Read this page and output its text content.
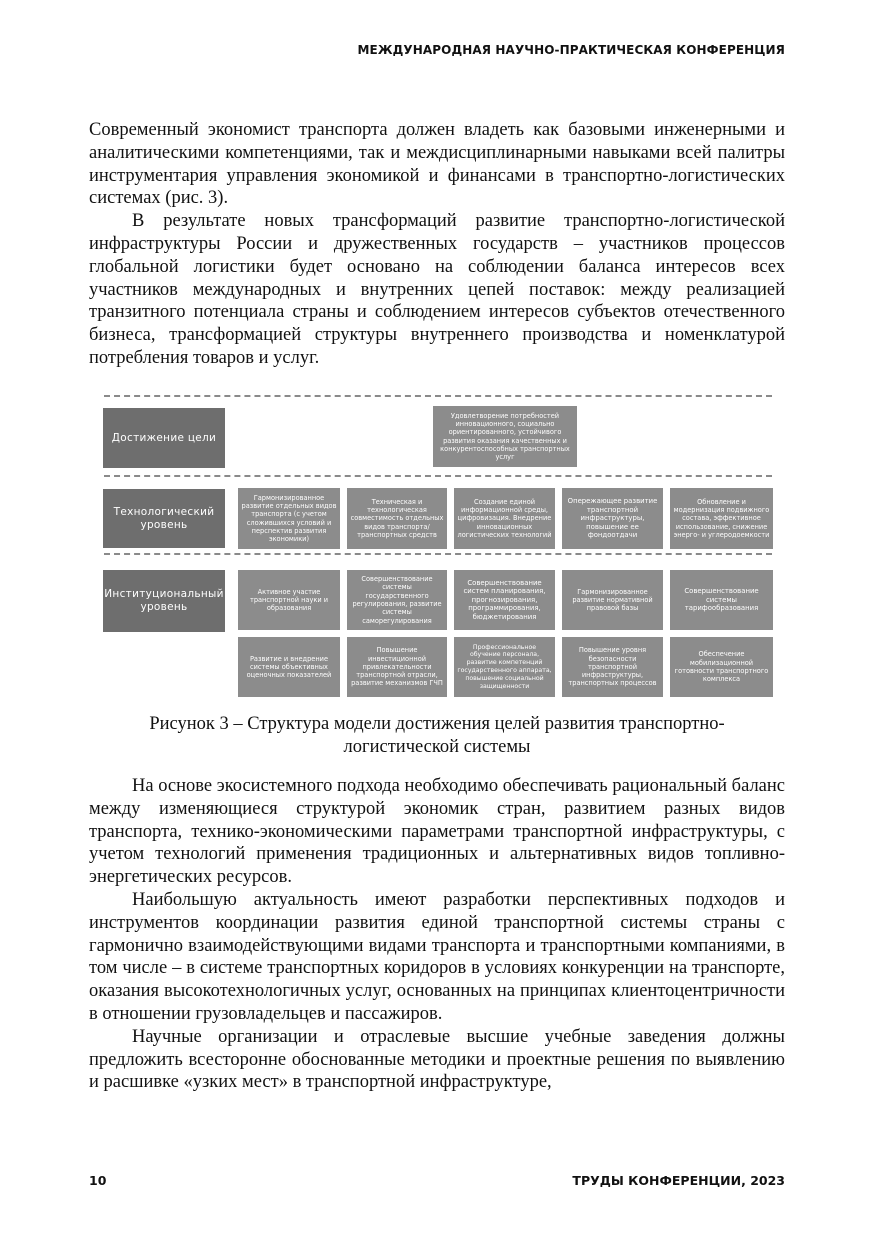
МЕЖДУНАРОДНАЯ НАУЧНО-ПРАКТИЧЕСКАЯ КОНФЕРЕНЦИЯ

Современный экономист транспорта должен владеть как базовыми инженерными и аналитическими компетенциями, так и междисциплинарными навыками всей палитры инструментария управления экономикой и финансами в транспортно-логистических системах (рис. 3).

В результате новых трансформаций развитие транспортно-логистической инфраструктуры России и дружественных государств – участников процессов глобальной логистики будет основано на соблюдении баланса интересов всех участников международных и внутренних цепей поставок: между реализацией транзитного потенциала страны и соблюдением интересов субъектов отечественного бизнеса, трансформацией структуры внутреннего производства и номенклатурой потребления товаров и услуг.

Достижение цели
Удовлетворение потребностей инновационного, социально ориентированного, устойчивого развития оказания качественных и конкурентоспособных транспортных услуг
Технологический уровень
Гармонизированное развитие отдельных видов транспорта (с учетом сложившихся условий и перспектив развития экономики)
Техническая и технологическая совместимость отдельных видов транспорта/ транспортных средств
Создание единой информационной среды, цифровизация. Внедрение инновационных логистических технологий
Опережающее развитие транспортной инфраструктуры, повышение ее фондоотдачи
Обновление и модернизация подвижного состава, эффективное использование, снижение энерго- и углеродоемкости
Институциональный уровень
Активное участие транспортной науки и образования
Совершенствование системы государственного регулирования, развитие системы саморегулирования
Совершенствование систем планирования, прогнозирования, программирования, бюджетирования
Гармонизированное развитие нормативной правовой базы
Совершенствование системы тарифообразования
Развитие и внедрение системы объективных оценочных показателей
Повышение инвестиционной привлекательности транспортной отрасли, развитие механизмов ГЧП
Профессиональное обучение персонала, развитие компетенций государственного аппарата, повышение социальной защищенности
Повышение уровня безопасности транспортной инфраструктуры, транспортных процессов
Обеспечение мобилизационной готовности транспортного комплекса
Рисунок 3 – Структура модели достижения целей развития транспортно-
логистической системы

На основе экосистемного подхода необходимо обеспечивать рациональный баланс между изменяющиеся структурой экономик стран, развитием разных видов транспорта, технико-экономическими параметрами транспортной инфраструктуры, с учетом технологий применения традиционных и альтернативных видов топливно- энергетических ресурсов.

Наибольшую актуальность имеют разработки перспективных подходов и инструментов координации развития единой транспортной системы страны с гармонично взаимодействующими видами транспорта и транспортными компаниями, в том числе – в системе транспортных коридоров в условиях конкуренции на транспорте, оказания высокотехнологичных услуг, основанных на принципах клиентоцентричности в отношении грузовладельцев и пассажиров.

Научные организации и отраслевые высшие учебные заведения должны предложить всесторонне обоснованные методики и проектные решения по выявлению и расшивке «узких мест» в транспортной инфраструктуре,

10	ТРУДЫ КОНФЕРЕНЦИИ, 2023
